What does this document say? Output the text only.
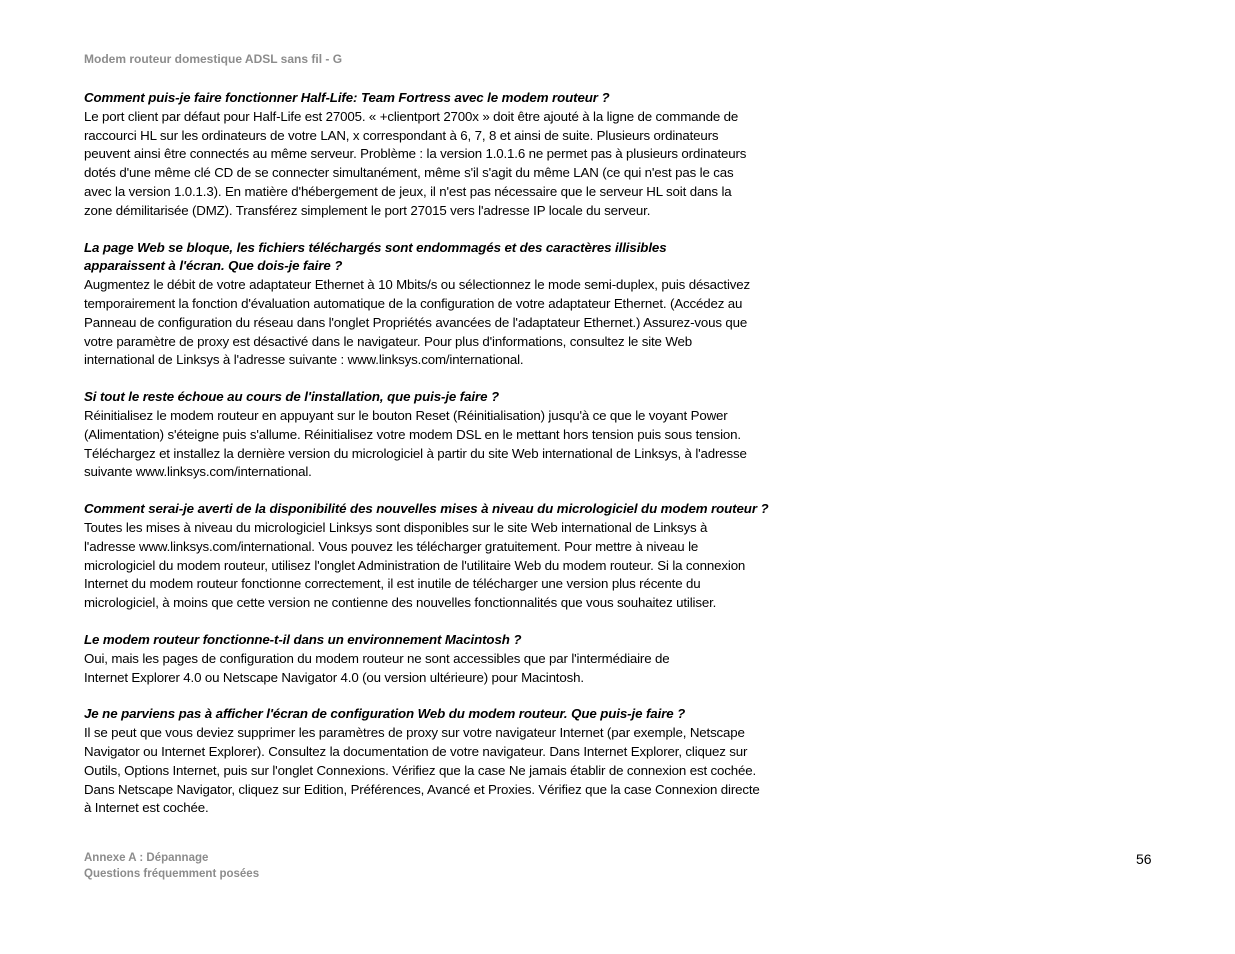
Modem routeur domestique ADSL sans fil - G

Comment puis-je faire fonctionner Half-Life: Team Fortress avec le modem routeur ?

Le port client par défaut pour Half-Life est 27005. « +clientport 2700x » doit être ajouté à la ligne de commande de raccourci HL sur les ordinateurs de votre LAN, x correspondant à 6, 7, 8 et ainsi de suite. Plusieurs ordinateurs peuvent ainsi être connectés au même serveur. Problème : la version 1.0.1.6 ne permet pas à plusieurs ordinateurs dotés d'une même clé CD de se connecter simultanément, même s'il s'agit du même LAN (ce qui n'est pas le cas avec la version 1.0.1.3). En matière d'hébergement de jeux, il n'est pas nécessaire que le serveur HL soit dans la zone démilitarisée (DMZ). Transférez simplement le port 27015 vers l'adresse IP locale du serveur.

La page Web se bloque, les fichiers téléchargés sont endommagés et des caractères illisibles apparaissent à l'écran. Que dois-je faire ?

Augmentez le débit de votre adaptateur Ethernet à 10 Mbits/s ou sélectionnez le mode semi-duplex, puis désactivez temporairement la fonction d'évaluation automatique de la configuration de votre adaptateur Ethernet. (Accédez au Panneau de configuration du réseau dans l'onglet Propriétés avancées de l'adaptateur Ethernet.) Assurez-vous que votre paramètre de proxy est désactivé dans le navigateur. Pour plus d'informations, consultez le site Web international de Linksys à l'adresse suivante : www.linksys.com/international.

Si tout le reste échoue au cours de l'installation, que puis-je faire ?

Réinitialisez le modem routeur en appuyant sur le bouton Reset (Réinitialisation) jusqu'à ce que le voyant Power (Alimentation) s'éteigne puis s'allume. Réinitialisez votre modem DSL en le mettant hors tension puis sous tension. Téléchargez et installez la dernière version du micrologiciel à partir du site Web international de Linksys, à l'adresse suivante www.linksys.com/international.

Comment serai-je averti de la disponibilité des nouvelles mises à niveau du micrologiciel du modem routeur ?

Toutes les mises à niveau du micrologiciel Linksys sont disponibles sur le site Web international de Linksys à l'adresse www.linksys.com/international. Vous pouvez les télécharger gratuitement. Pour mettre à niveau le micrologiciel du modem routeur, utilisez l'onglet Administration de l'utilitaire Web du modem routeur. Si la connexion Internet du modem routeur fonctionne correctement, il est inutile de télécharger une version plus récente du micrologiciel, à moins que cette version ne contienne des nouvelles fonctionnalités que vous souhaitez utiliser.

Le modem routeur fonctionne-t-il dans un environnement Macintosh ?

Oui, mais les pages de configuration du modem routeur ne sont accessibles que par l'intermédiaire de Internet Explorer 4.0 ou Netscape Navigator 4.0 (ou version ultérieure) pour Macintosh.

Je ne parviens pas à afficher l'écran de configuration Web du modem routeur. Que puis-je faire ?

Il se peut que vous deviez supprimer les paramètres de proxy sur votre navigateur Internet (par exemple, Netscape Navigator ou Internet Explorer). Consultez la documentation de votre navigateur. Dans Internet Explorer, cliquez sur Outils, Options Internet, puis sur l'onglet Connexions. Vérifiez que la case Ne jamais établir de connexion est cochée. Dans Netscape Navigator, cliquez sur Edition, Préférences, Avancé et Proxies. Vérifiez que la case Connexion directe à Internet est cochée.

Annexe A : Dépannage
Questions fréquemment posées
56
